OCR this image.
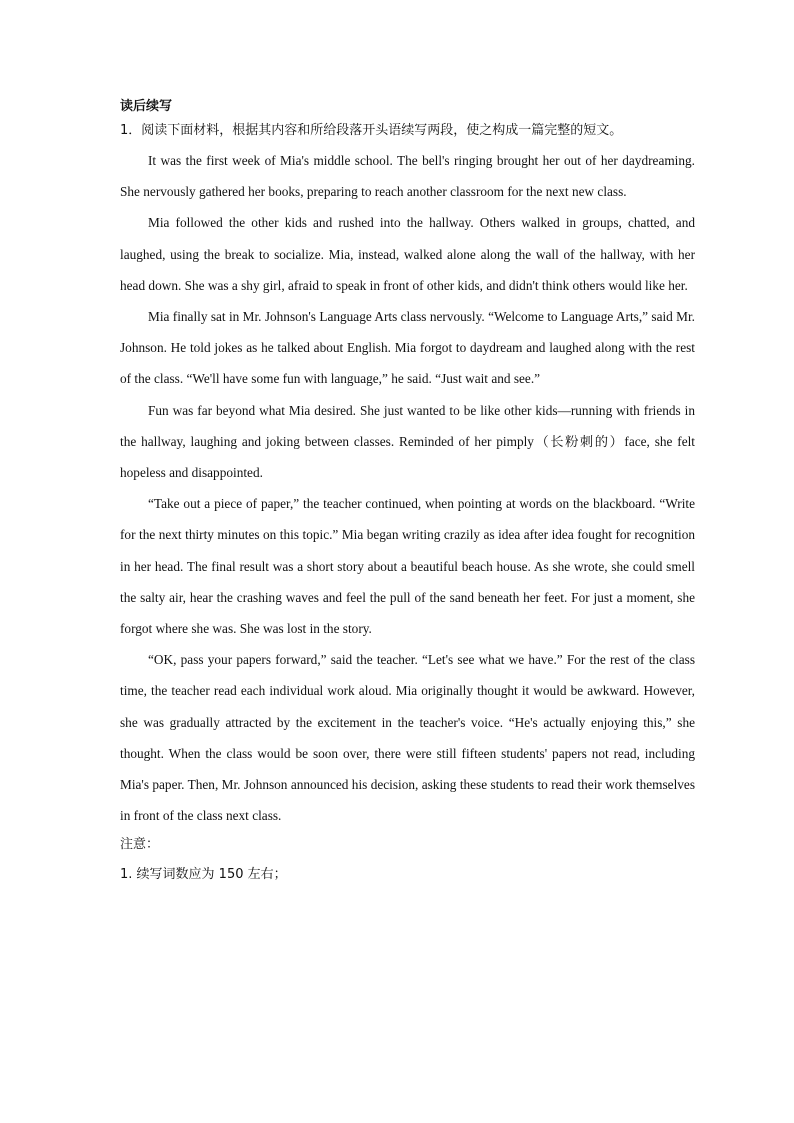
读后续写
1．阅读下面材料，根据其内容和所给段落开头语续写两段，使之构成一篇完整的短文。

It was the first week of Mia's middle school. The bell's ringing brought her out of her daydreaming. She nervously gathered her books, preparing to reach another classroom for the next new class.

Mia followed the other kids and rushed into the hallway. Others walked in groups, chatted, and laughed, using the break to socialize. Mia, instead, walked alone along the wall of the hallway, with her head down. She was a shy girl, afraid to speak in front of other kids, and didn't think others would like her.

Mia finally sat in Mr. Johnson's Language Arts class nervously. “Welcome to Language Arts,” said Mr. Johnson. He told jokes as he talked about English. Mia forgot to daydream and laughed along with the rest of the class. “We'll have some fun with language,” he said. “Just wait and see.”

Fun was far beyond what Mia desired. She just wanted to be like other kids—running with friends in the hallway, laughing and joking between classes. Reminded of her pimply（长粉刺的）face, she felt hopeless and disappointed.

“Take out a piece of paper,” the teacher continued, when pointing at words on the blackboard. “Write for the next thirty minutes on this topic.” Mia began writing crazily as idea after idea fought for recognition in her head. The final result was a short story about a beautiful beach house. As she wrote, she could smell the salty air, hear the crashing waves and feel the pull of the sand beneath her feet. For just a moment, she forgot where she was. She was lost in the story.

“OK, pass your papers forward,” said the teacher. “Let's see what we have.” For the rest of the class time, the teacher read each individual work aloud. Mia originally thought it would be awkward. However, she was gradually attracted by the excitement in the teacher's voice. “He's actually enjoying this,” she thought. When the class would be soon over, there were still fifteen students' papers not read, including Mia's paper. Then, Mr. Johnson announced his decision, asking these students to read their work themselves in front of the class next class.

注意：
1. 续写词数应为 150 左右；
